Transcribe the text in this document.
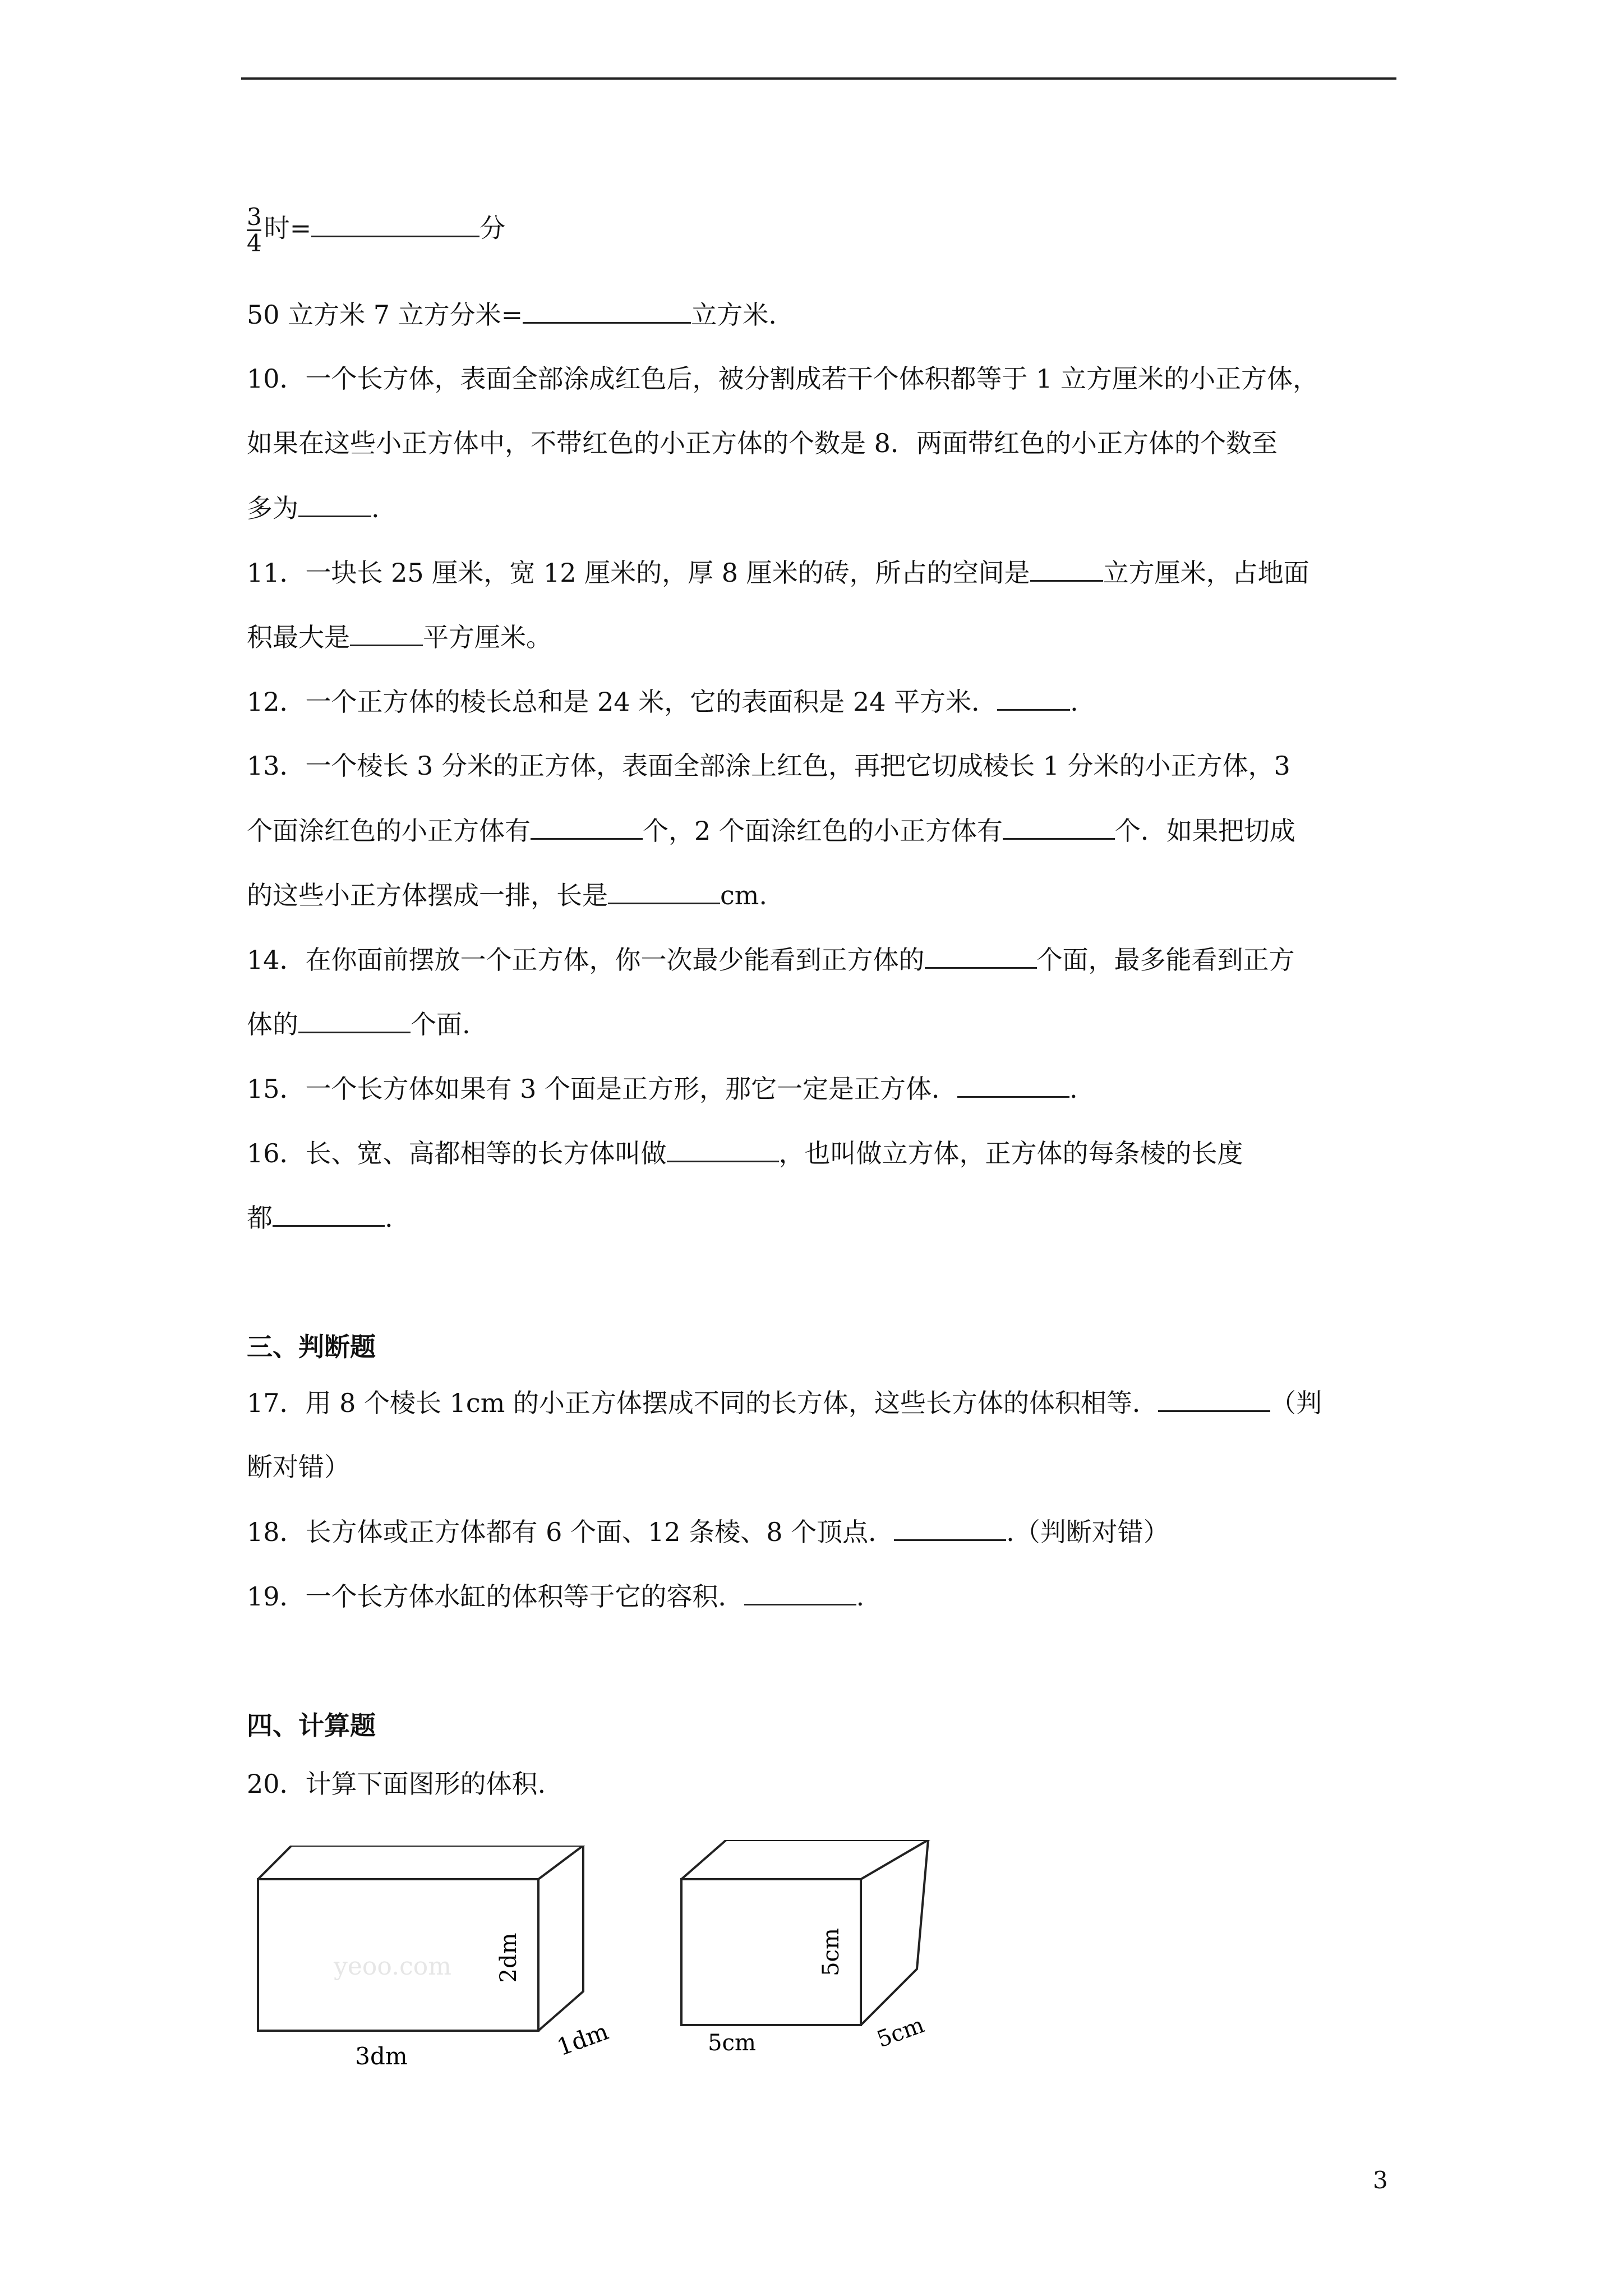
$\frac{3}{4}$ 时=	分
50 立方米 7 立方分米=	立方米.
10．一个长方体，表面全部涂成红色后，被分割成若干个体积都等于 1 立方厘米的小正方体，
如果在这些小正方体中，不带红色的小正方体的个数是 8．两面带红色的小正方体的个数至
多为	.
11．一块长 25 厘米，宽 12 厘米的，厚 8 厘米的砖，所占的空间是	立方厘米，占地面
积最大是	平方厘米。
12．一个正方体的棱长总和是 24 米，它的表面积是 24 平方米．	.
13．一个棱长 3 分米的正方体，表面全部涂上红色，再把它切成棱长 1 分米的小正方体，3
个面涂红色的小正方体有	个，2 个面涂红色的小正方体有	个．如果把切成
的这些小正方体摆成一排，长是	cm.
14．在你面前摆放一个正方体，你一次最少能看到正方体的	个面，最多能看到正方
体的	个面.
15．一个长方体如果有 3 个面是正方形，那它一定是正方体．	.
16．长、宽、高都相等的长方体叫做	，也叫做立方体，正方体的每条棱的长度
都	.
三、判断题
17．用 8 个棱长 1cm 的小正方体摆成不同的长方体，这些长方体的体积相等．	（判
断对错）
18．长方体或正方体都有 6 个面、12 条棱、8 个顶点．	.（判断对错）
19．一个长方体水缸的体积等于它的容积．	.
四、计算题
20．计算下面图形的体积.
2dm
3dm	1dm
yeoo.com	5cm
5cm	5cm
3
